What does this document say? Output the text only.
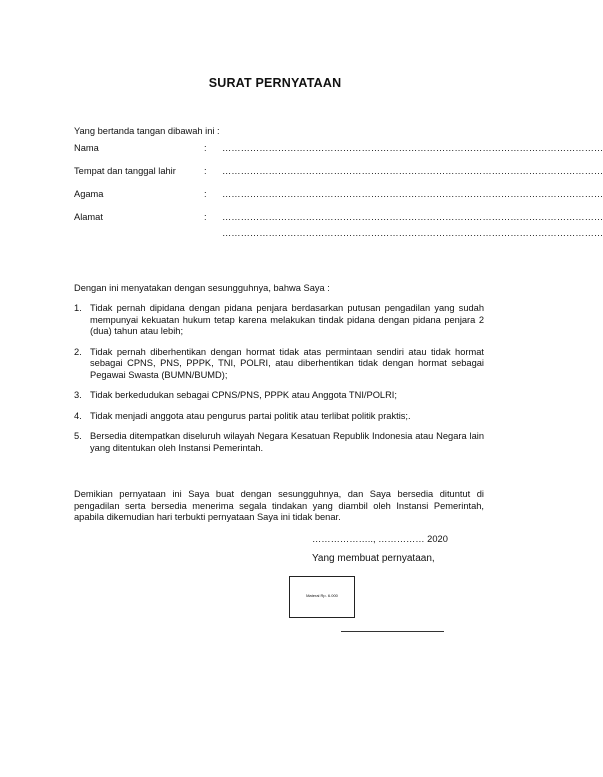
SURAT PERNYATAAN
Yang bertanda tangan dibawah ini :
Nama	: ……………………………………………………………………………………………………………
Tempat dan tanggal lahir	: ……………………………………………………………………………………………………………
Agama	: ……………………………………………………………………………………………………………
Alamat	: ……………………………………………………………………………………………………………
……………………………………………………………………………………………………………
Dengan ini menyatakan dengan sesungguhnya, bahwa Saya :
1. Tidak pernah dipidana dengan pidana penjara berdasarkan putusan pengadilan yang sudah mempunyai kekuatan hukum tetap karena melakukan tindak pidana dengan pidana penjara 2 (dua) tahun atau lebih;
2. Tidak pernah diberhentikan dengan hormat tidak atas permintaan sendiri atau tidak hormat sebagai CPNS, PNS, PPPK, TNI, POLRI, atau diberhentikan tidak dengan hormat sebagai Pegawai Swasta (BUMN/BUMD);
3. Tidak berkedudukan sebagai CPNS/PNS, PPPK atau Anggota TNI/POLRI;
4. Tidak menjadi anggota atau pengurus partai politik atau terlibat politik praktis;.
5. Bersedia ditempatkan diseluruh wilayah Negara Kesatuan Republik Indonesia atau Negara lain yang ditentukan oleh Instansi Pemerintah.
Demikian pernyataan ini Saya buat dengan sesungguhnya, dan Saya bersedia dituntut di pengadilan serta bersedia menerima segala tindakan yang diambil oleh Instansi Pemerintah, apabila dikemudian hari terbukti pernyataan Saya ini tidak benar.
……………….., …………… 2020
Yang membuat pernyataan,
Materai Rp. 6.000
